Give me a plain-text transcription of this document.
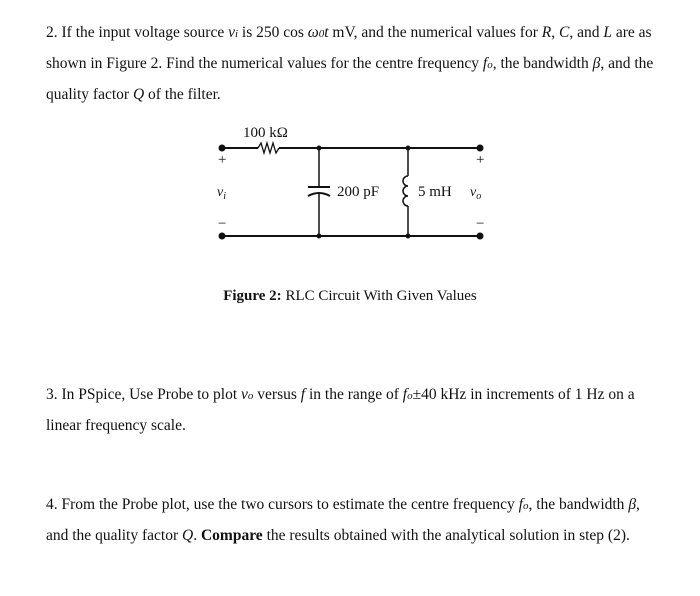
2. If the input voltage source vi is 250 cos ω0t mV, and the numerical values for R, C, and L are as shown in Figure 2. Find the numerical values for the centre frequency fo, the bandwidth β, and the quality factor Q of the filter.
100 kΩ
200 pF	5 mH
+
−
+
−
$v_i$	$v_o$
Figure 2: RLC Circuit With Given Values
3. In PSpice, Use Probe to plot vo versus f in the range of fo±40 kHz in increments of 1 Hz on a linear frequency scale.
4. From the Probe plot, use the two cursors to estimate the centre frequency fo, the bandwidth β, and the quality factor Q. Compare the results obtained with the analytical solution in step (2).
